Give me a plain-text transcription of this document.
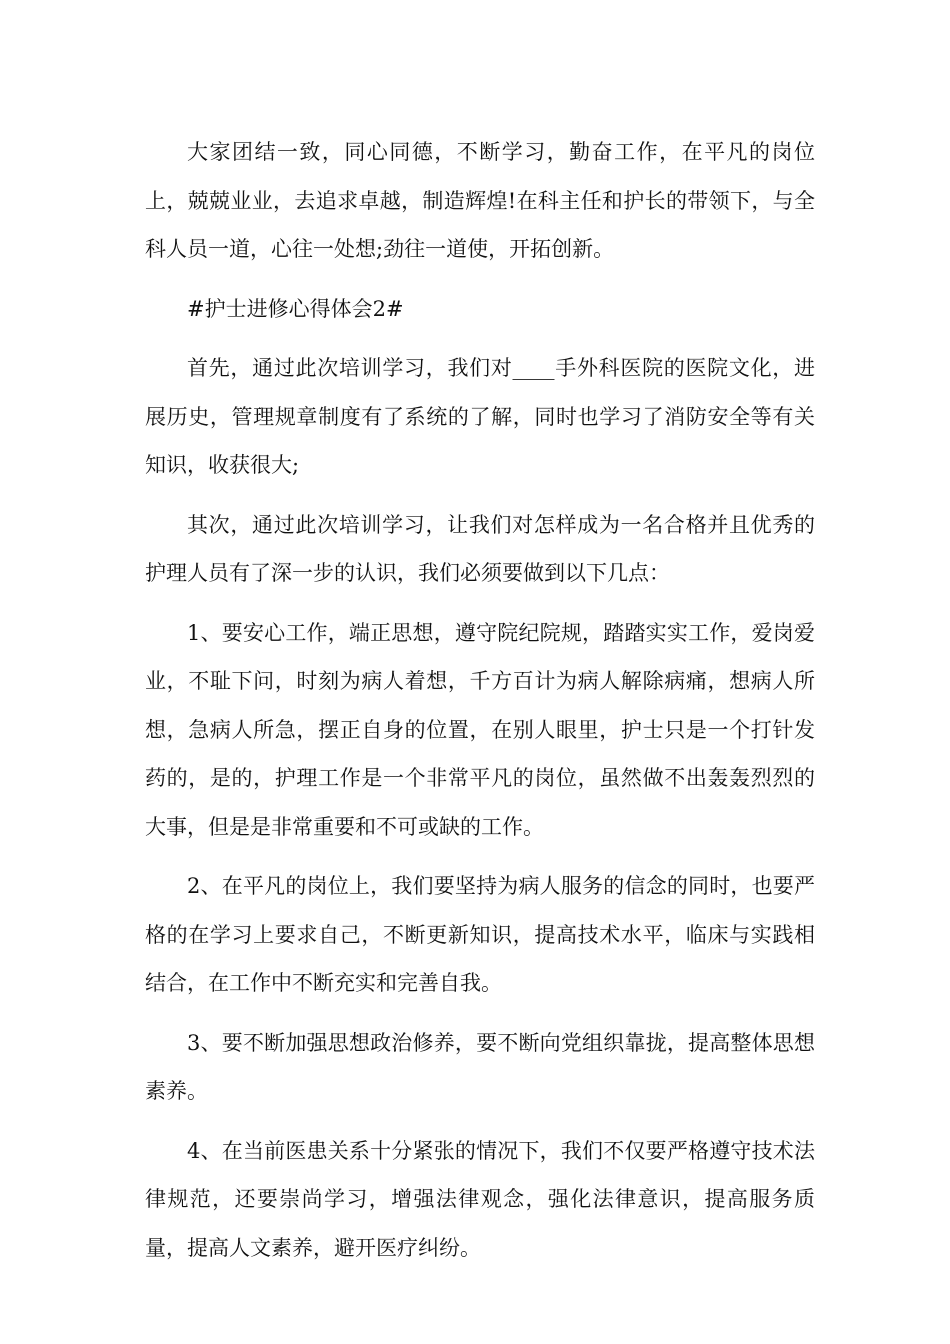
大家团结一致，同心同德，不断学习，勤奋工作，在平凡的岗位上，兢兢业业，去追求卓越，制造辉煌!在科主任和护长的带领下，与全科人员一道，心往一处想;劲往一道使，开拓创新。

#护士进修心得体会2#

首先，通过此次培训学习，我们对____手外科医院的医院文化，进展历史，管理规章制度有了系统的了解，同时也学习了消防安全等有关知识，收获很大;

其次，通过此次培训学习，让我们对怎样成为一名合格并且优秀的护理人员有了深一步的认识，我们必须要做到以下几点：

1、要安心工作，端正思想，遵守院纪院规，踏踏实实工作，爱岗爱业，不耻下问，时刻为病人着想，千方百计为病人解除病痛，想病人所想，急病人所急，摆正自身的位置，在别人眼里，护士只是一个打针发药的，是的，护理工作是一个非常平凡的岗位，虽然做不出轰轰烈烈的大事，但是是非常重要和不可或缺的工作。

2、在平凡的岗位上，我们要坚持为病人服务的信念的同时，也要严格的在学习上要求自己，不断更新知识，提高技术水平，临床与实践相结合，在工作中不断充实和完善自我。

3、要不断加强思想政治修养，要不断向党组织靠拢，提高整体思想素养。

4、在当前医患关系十分紧张的情况下，我们不仅要严格遵守技术法律规范，还要崇尚学习，增强法律观念，强化法律意识，提高服务质量，提高人文素养，避开医疗纠纷。
